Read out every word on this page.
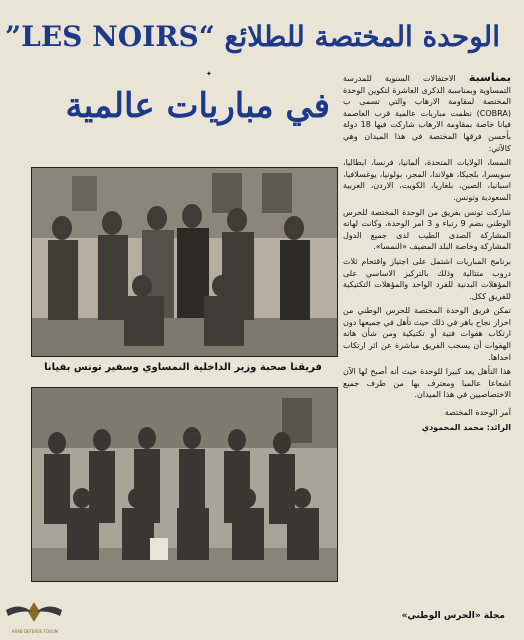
الوحدة المختصة للطلائع “LES NOIRS”
✦
في مباريات عالمية

بمناسبة الاحتفالات السنوية للمدرسة التمساوية وبمناسبة الذكرى العاشرة لتكوين الوحدة المختصة لمقاومة الارهاب والتي تسمى ب (COBRA) نظمت مباريات عالمية قرب العاصمة فيانا خاصة بمقاومة الارهاب شاركت فيها 18 دولة بأحسن فرقها المختصة في هذا الميدان وهي كالآتي:

النمسا، الولايات المتحدة، ألمانيا، فرنسا، ايطاليا، سويسرا، بلجيكا، هولاندا، المجر، بولونيا، يوغسلافيا، اسبانيا، الصين، بلغاريا، الكويت، الاردن، العربية السعودية وتونس.

شاركت تونس بفريق من الوحدة المختصة للحرس الوطني بضم 9 رتباء و 3 امر الوحدة، وكانت لهاته المشاركة الصدى الطيب لدى جميع الدول المشاركة وخاصة البلد المضيف «النمسا».

برنامج المباريات اشتمل على اجتياز واقتحام ثلاث دروب متتالية وذلك بالتركيز الاساسي على المؤهلات البدنية للفرد الواحد والمؤهلات التكتيكية للفريق ككل.

تمكن فريق الوحدة المختصة للحرس الوطني من احراز نجاح باهر في ذلك حيث تأهل في جميعها دون ارتكاب هفوات فنية أو تكتيكية ومن شأن هاته الهفوات أن يسحب الفريق مباشرة عن اثر ارتكاب احداها.

هذا التأهل يعد كبيرا للوحدة حيث أنه أصبح لها الآن اشعاعا عالميا ومعترف بها من طرف جميع الاختصاصيين في هذا الميدان.

آمر الوحدة المختصة

الرائد: محمد المحمودي

فريقنا صحبة وزير الداخلية النمساوي وسفير تونس بفيانا
مجلة «الحرس الوطني»
ARAB DEFENSE FORUM
